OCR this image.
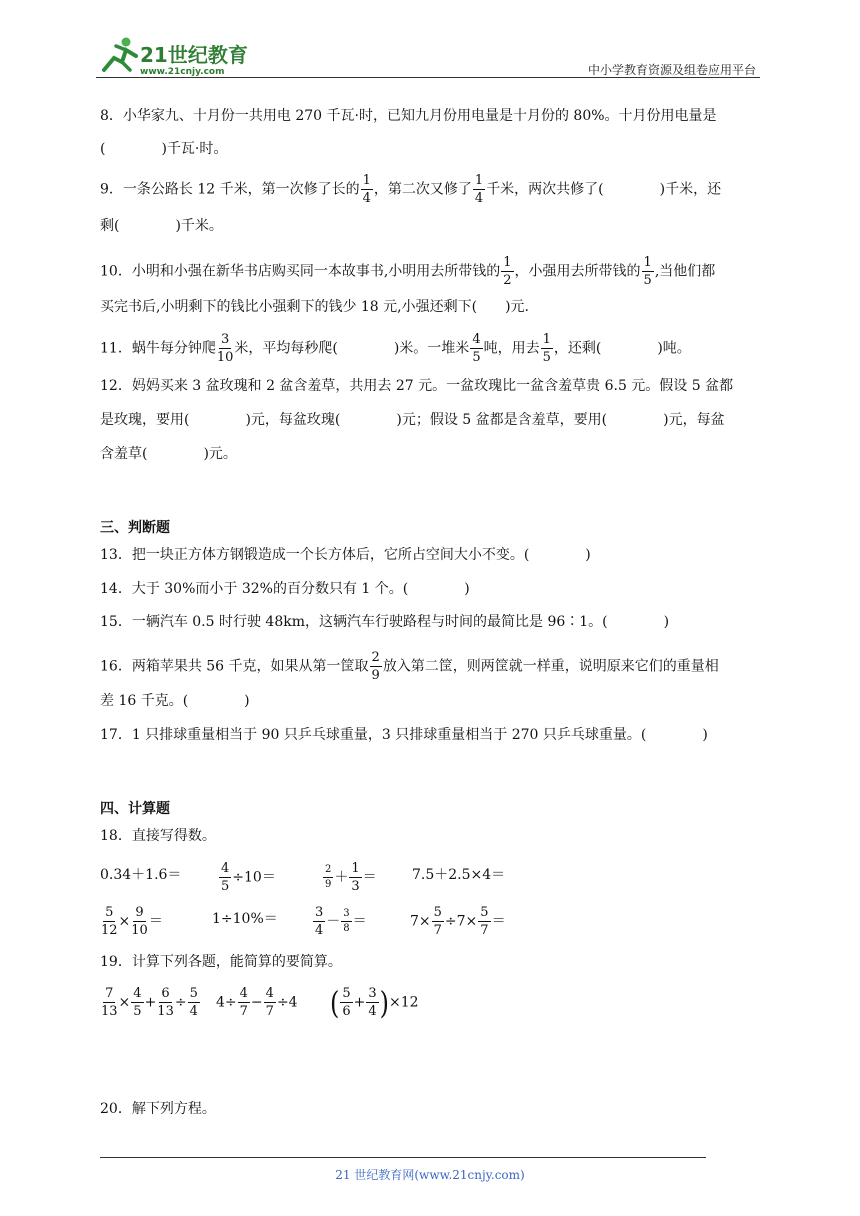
21世纪教育
www.21cnjy.com	中小学教育资源及组卷应用平台
8．小华家九、十月份一共用电 270 千瓦·时，已知九月份用电量是十月份的 80%。十月份用电量是
(　　　　)千瓦·时。
9．一条公路长 12 千米，第一次修了长的 $\frac{1}{4}$ ，第二次又修了 $\frac{1}{4}$ 千米，两次共修了(　　　　)千米，还
剩(　　　　)千米。
10．小明和小强在新华书店购买同一本故事书,小明用去所带钱的 $\frac{1}{2}$ ，小强用去所带钱的 $\frac{1}{5}$ ,当他们都
买完书后,小明剩下的钱比小强剩下的钱少 18 元,小强还剩下(　　)元.
11．蜗牛每分钟爬 $\frac{3}{10}$ 米，平均每秒爬(　　　　)米。一堆米 $\frac{4}{5}$ 吨，用去 $\frac{1}{5}$ ，还剩(　　　　)吨。
12．妈妈买来 3 盆玫瑰和 2 盆含羞草，共用去 27 元。一盆玫瑰比一盆含羞草贵 6.5 元。假设 5 盆都
是玫瑰，要用(　　　　)元，每盆玫瑰(　　　　)元；假设 5 盆都是含羞草，要用(　　　　)元，每盆
含羞草(　　　　)元。
三、判断题
13．把一块正方体方钢锻造成一个长方体后，它所占空间大小不变。(　　　　)
14．大于 30%而小于 32%的百分数只有 1 个。(　　　　)
15．一辆汽车 0.5 时行驶 48km，这辆汽车行驶路程与时间的最简比是 96∶1。(　　　　)
16．两箱苹果共 56 千克，如果从第一筐取 $\frac{2}{9}$ 放入第二筐，则两筐就一样重，说明原来它们的重量相
差 16 千克。(　　　　)
17．1 只排球重量相当于 90 只乒乓球重量，3 只排球重量相当于 270 只乒乓球重量。(　　　　)
四、计算题
18．直接写得数。
0.34＋1.6＝	$\frac{4}{5} \div 10=$	$\frac{2}{9} + \frac{1}{3}$ ＝	7.5＋2.5×4＝
$\frac{5}{12} \times \frac{9}{10}$ ＝	1÷10%＝	$\frac{3}{4} - \frac{3}{8}$ ＝	$7\times \frac{5}{7} \div 7\times \frac{5}{7}$ ＝
19．计算下列各题，能简算的要简算。
$\frac{7}{13} \times \frac{4}{5} + \frac{6}{13} \div \frac{5}{4} 4\div \frac{4}{7} - \frac{4}{7} \div 4$ ( $\frac{5}{6} + \frac{3}{4} )\times 12$
20．解下列方程。
21 世纪教育网(www.21cnjy.com)
